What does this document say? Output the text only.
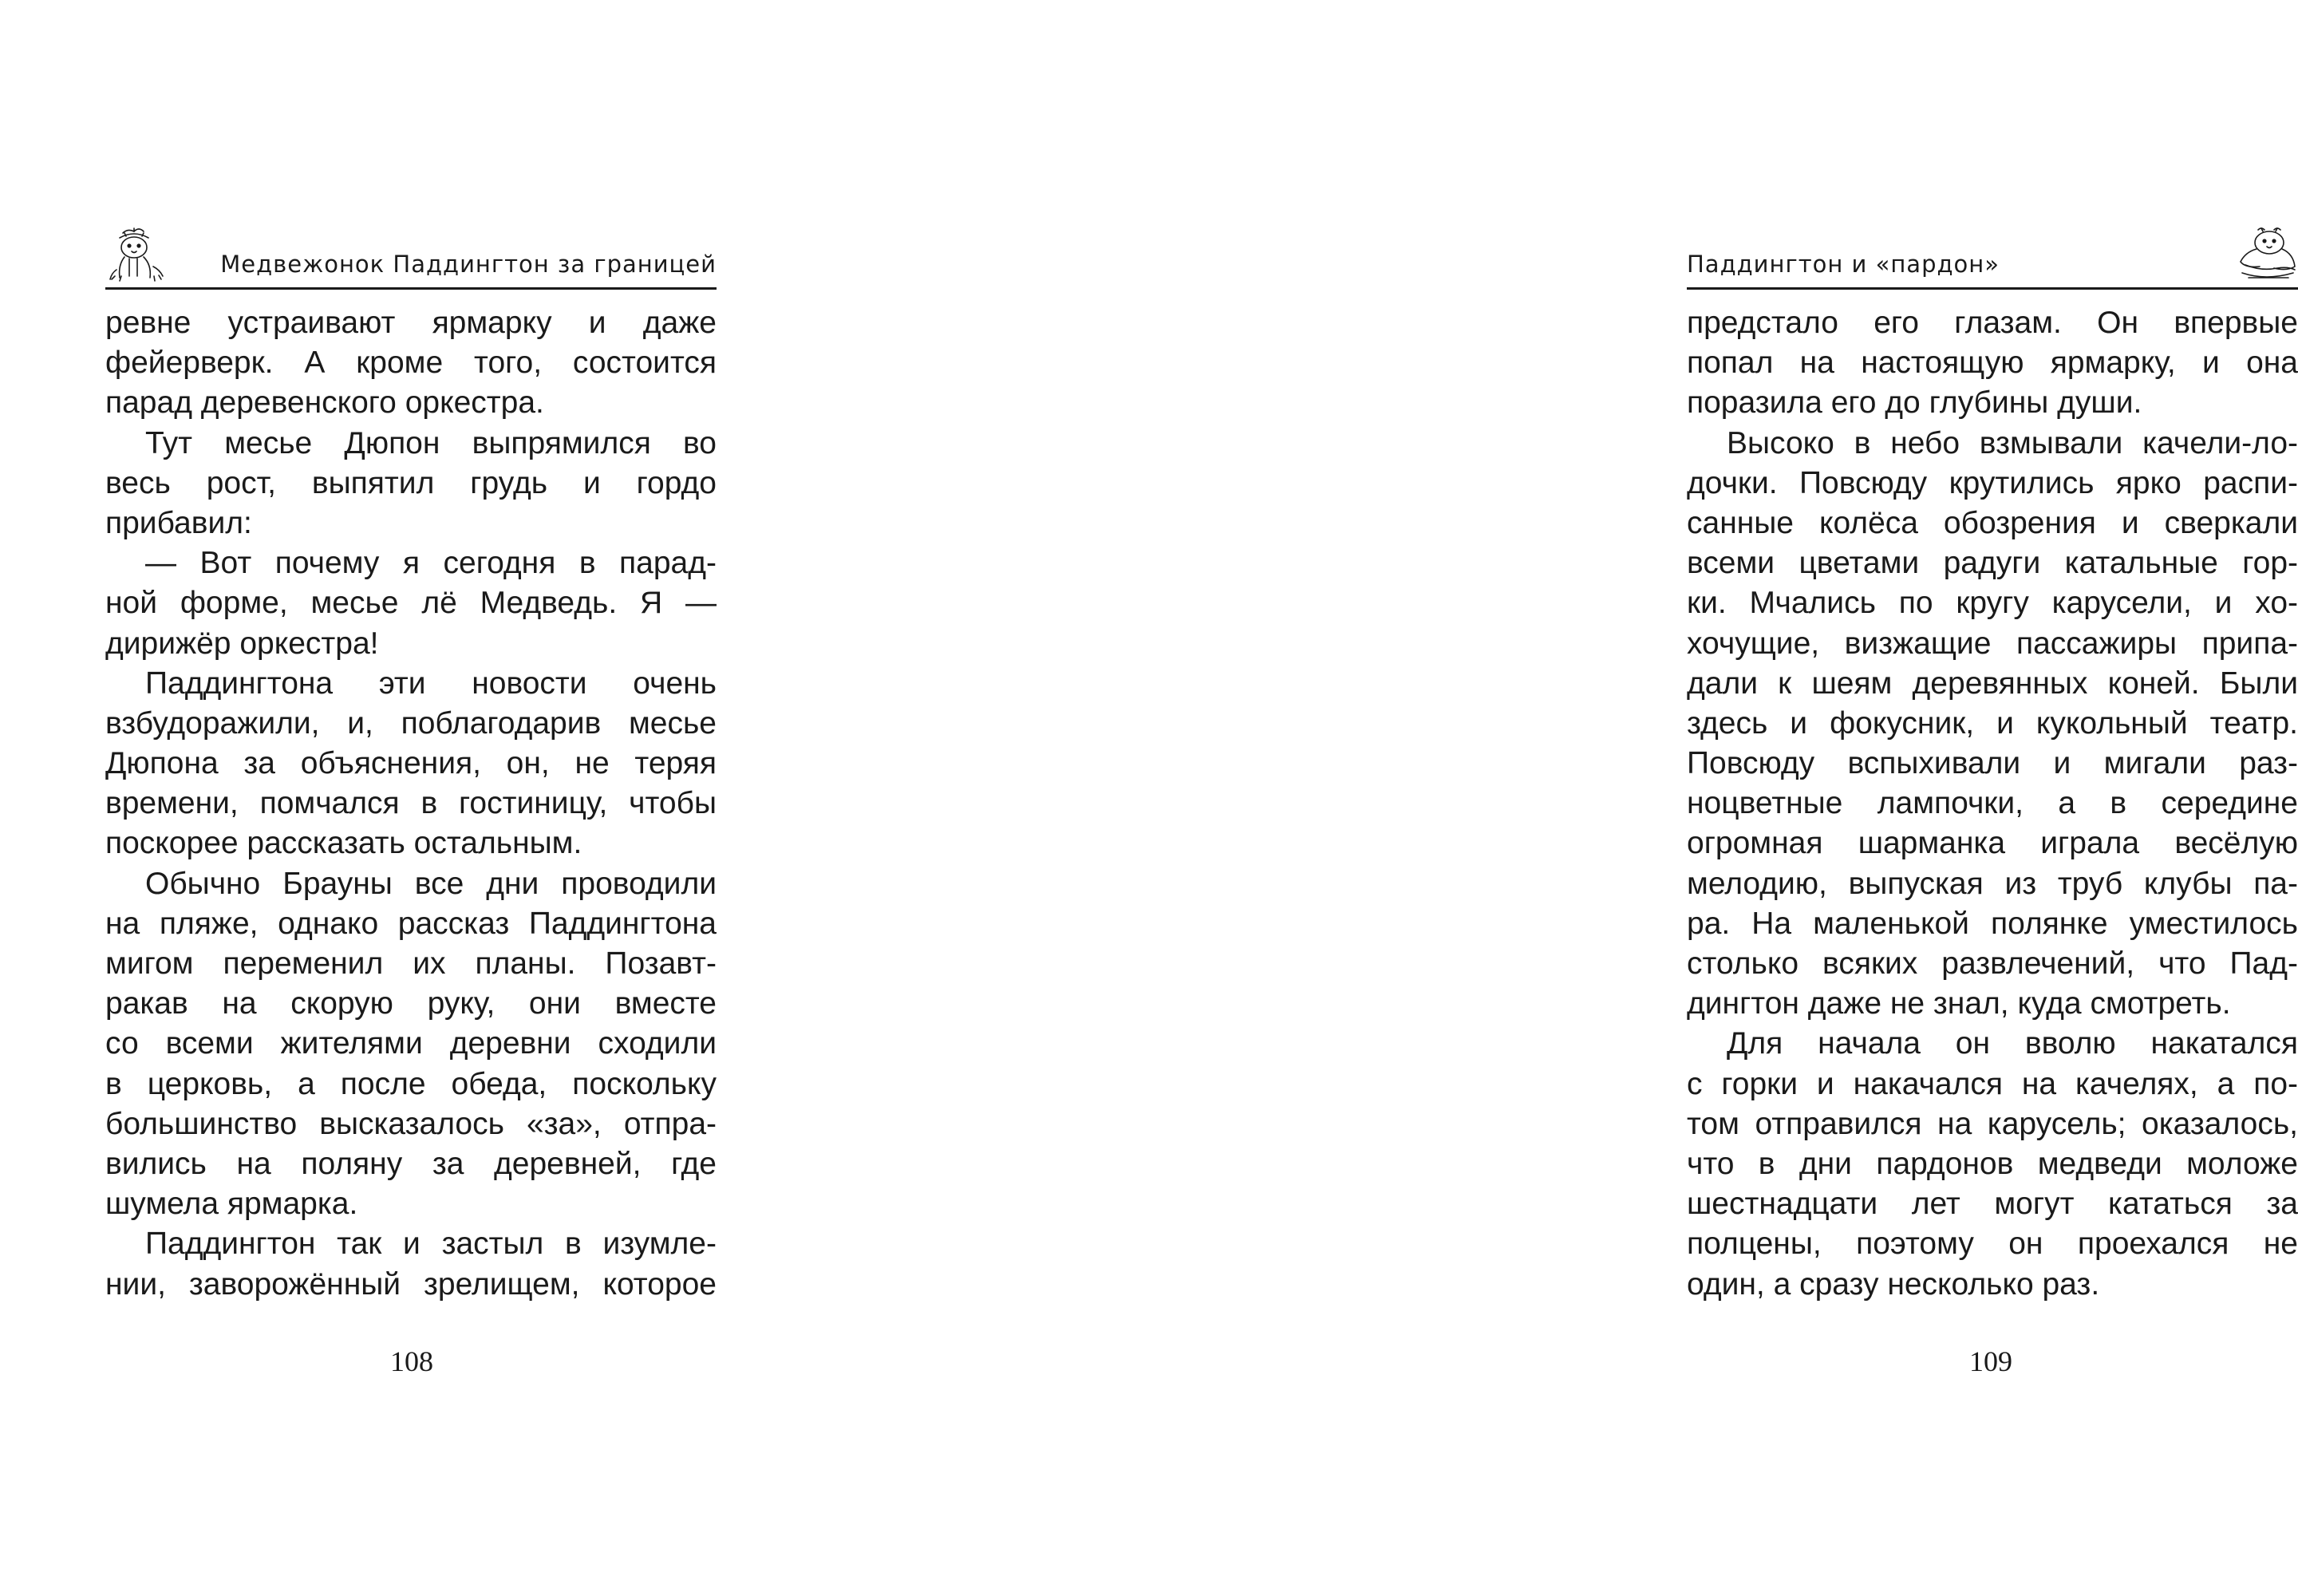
Медвежонок Паддингтон за границей
ревне устраивают ярмарку и даже
фейерверк. А кроме того, состоится
парад деревенского оркестра.
Тут месье Дюпон выпрямился во
весь рост, выпятил грудь и гордо
прибавил:
— Вот почему я сегодня в парад-
ной форме, месье лё Медведь. Я —
дирижёр оркестра!
Паддингтона эти новости очень
взбудоражили, и, поблагодарив месье
Дюпона за объяснения, он, не теряя
времени, помчался в гостиницу, чтобы
поскорее рассказать остальным.
Обычно Брауны все дни проводили
на пляже, однако рассказ Паддингтона
мигом переменил их планы. Позавт-
ракав на скорую руку, они вместе
со всеми жителями деревни сходили
в церковь, а после обеда, поскольку
большинство высказалось «за», отпра-
вились на поляну за деревней, где
шумела ярмарка.
Паддингтон так и застыл в изумле-
нии, заворожённый зрелищем, которое
108
Паддингтон и «пардон»
предстало его глазам. Он впервые
попал на настоящую ярмарку, и она
поразила его до глубины души.
Высоко в небо взмывали качели-ло-
дочки. Повсюду крутились ярко распи-
санные колёса обозрения и сверкали
всеми цветами радуги катальные гор-
ки. Мчались по кругу карусели, и хо-
хочущие, визжащие пассажиры припа-
дали к шеям деревянных коней. Были
здесь и фокусник, и кукольный театр.
Повсюду вспыхивали и мигали раз-
ноцветные лампочки, а в середине
огромная шарманка играла весёлую
мелодию, выпуская из труб клубы па-
ра. На маленькой полянке уместилось
столько всяких развлечений, что Пад-
дингтон даже не знал, куда смотреть.
Для начала он вволю накатался
с горки и накачался на качелях, а по-
том отправился на карусель; оказалось,
что в дни пардонов медведи моложе
шестнадцати лет могут кататься за
полцены, поэтому он проехался не
один, а сразу несколько раз.
109
